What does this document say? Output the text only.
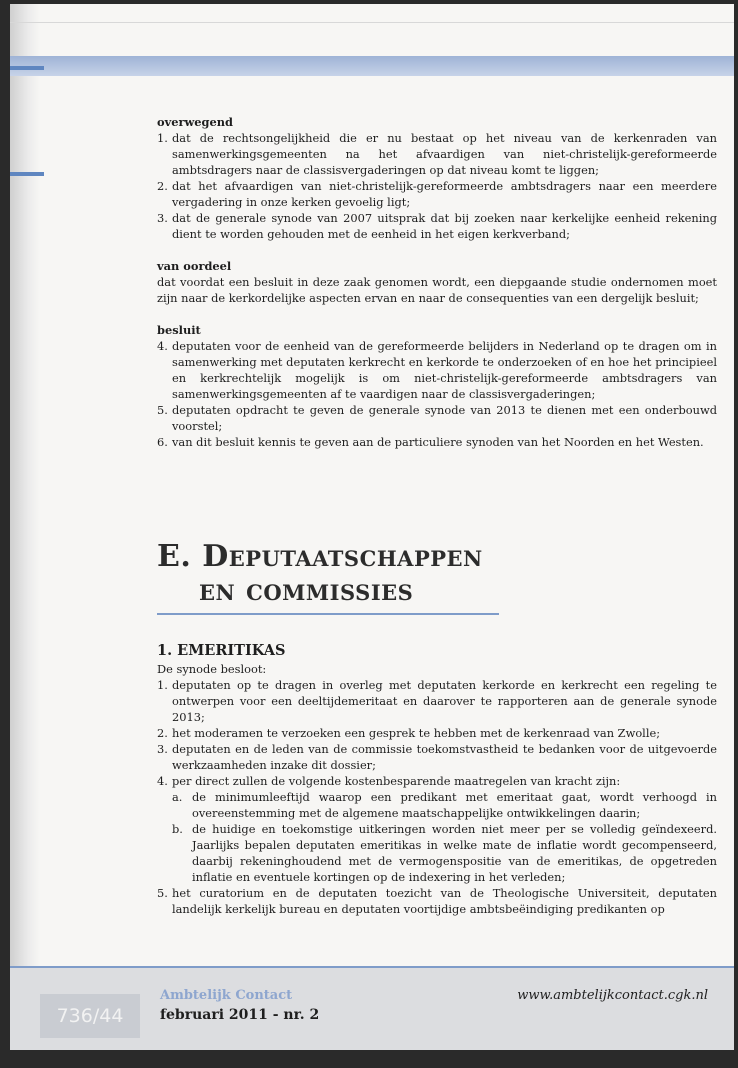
overwegend

1. dat de rechtsongelijkheid die er nu bestaat op het niveau van de kerkenraden van samenwerkingsgemeenten na het afvaardigen van niet-christelijk-gereformeerde ambtsdragers naar de classisvergaderingen op dat niveau komt te liggen;
2. dat het afvaardigen van niet-christelijk-gereformeerde ambtsdragers naar een meerdere vergadering in onze kerken gevoelig ligt;
3. dat de generale synode van 2007 uitsprak dat bij zoeken naar kerkelijke eenheid rekening dient te worden gehouden met de eenheid in het eigen kerkverband;

van oordeel

dat voordat een besluit in deze zaak genomen wordt, een diepgaande studie ondernomen moet zijn naar de kerkordelijke aspecten ervan en naar de consequenties van een dergelijk besluit;

besluit

4. deputaten voor de eenheid van de gereformeerde belijders in Nederland op te dragen om in samenwerking met deputaten kerkrecht en kerkorde te onderzoeken of en hoe het principieel en kerkrechtelijk mogelijk is om niet-christelijk-gereformeerde ambtsdragers van samenwerkingsgemeenten af te vaardigen naar de classisvergaderingen;
5. deputaten opdracht te geven de generale synode van 2013 te dienen met een onderbouwd voorstel;
6. van dit besluit kennis te geven aan de particuliere synoden van het Noorden en het Westen.
E. Deputaatschappen
en commissies

1. EMERITIKAS

De synode besloot:

1. deputaten op te dragen in overleg met deputaten kerkorde en kerkrecht een regeling te ontwerpen voor een deeltijdemeritaat en daarover te rapporteren aan de generale synode 2013;
2. het moderamen te verzoeken een gesprek te hebben met de kerkenraad van Zwolle;
3. deputaten en de leden van de commissie toekomstvastheid te bedanken voor de uitgevoerde werkzaamheden inzake dit dossier;
4. per direct zullen de volgende kostenbesparende maatregelen van kracht zijn:
a. de minimumleeftijd waarop een predikant met emeritaat gaat, wordt verhoogd in overeenstemming met de algemene maatschappelijke ontwikkelingen daarin;
b. de huidige en toekomstige uitkeringen worden niet meer per se volledig geïndexeerd. Jaarlijks bepalen deputaten emeritikas in welke mate de inflatie wordt gecompenseerd, daarbij rekeninghoudend met de vermogenspositie van de emeritikas, de opgetreden inflatie en eventuele kortingen op de indexering in het verleden;
5. het curatorium en de deputaten toezicht van de Theologische Universiteit, deputaten landelijk kerkelijk bureau en deputaten voortijdige ambtsbeëindiging predikanten op
736/44
Ambtelijk Contact
februari 2011 - nr. 2
www.ambtelijkcontact.cgk.nl
